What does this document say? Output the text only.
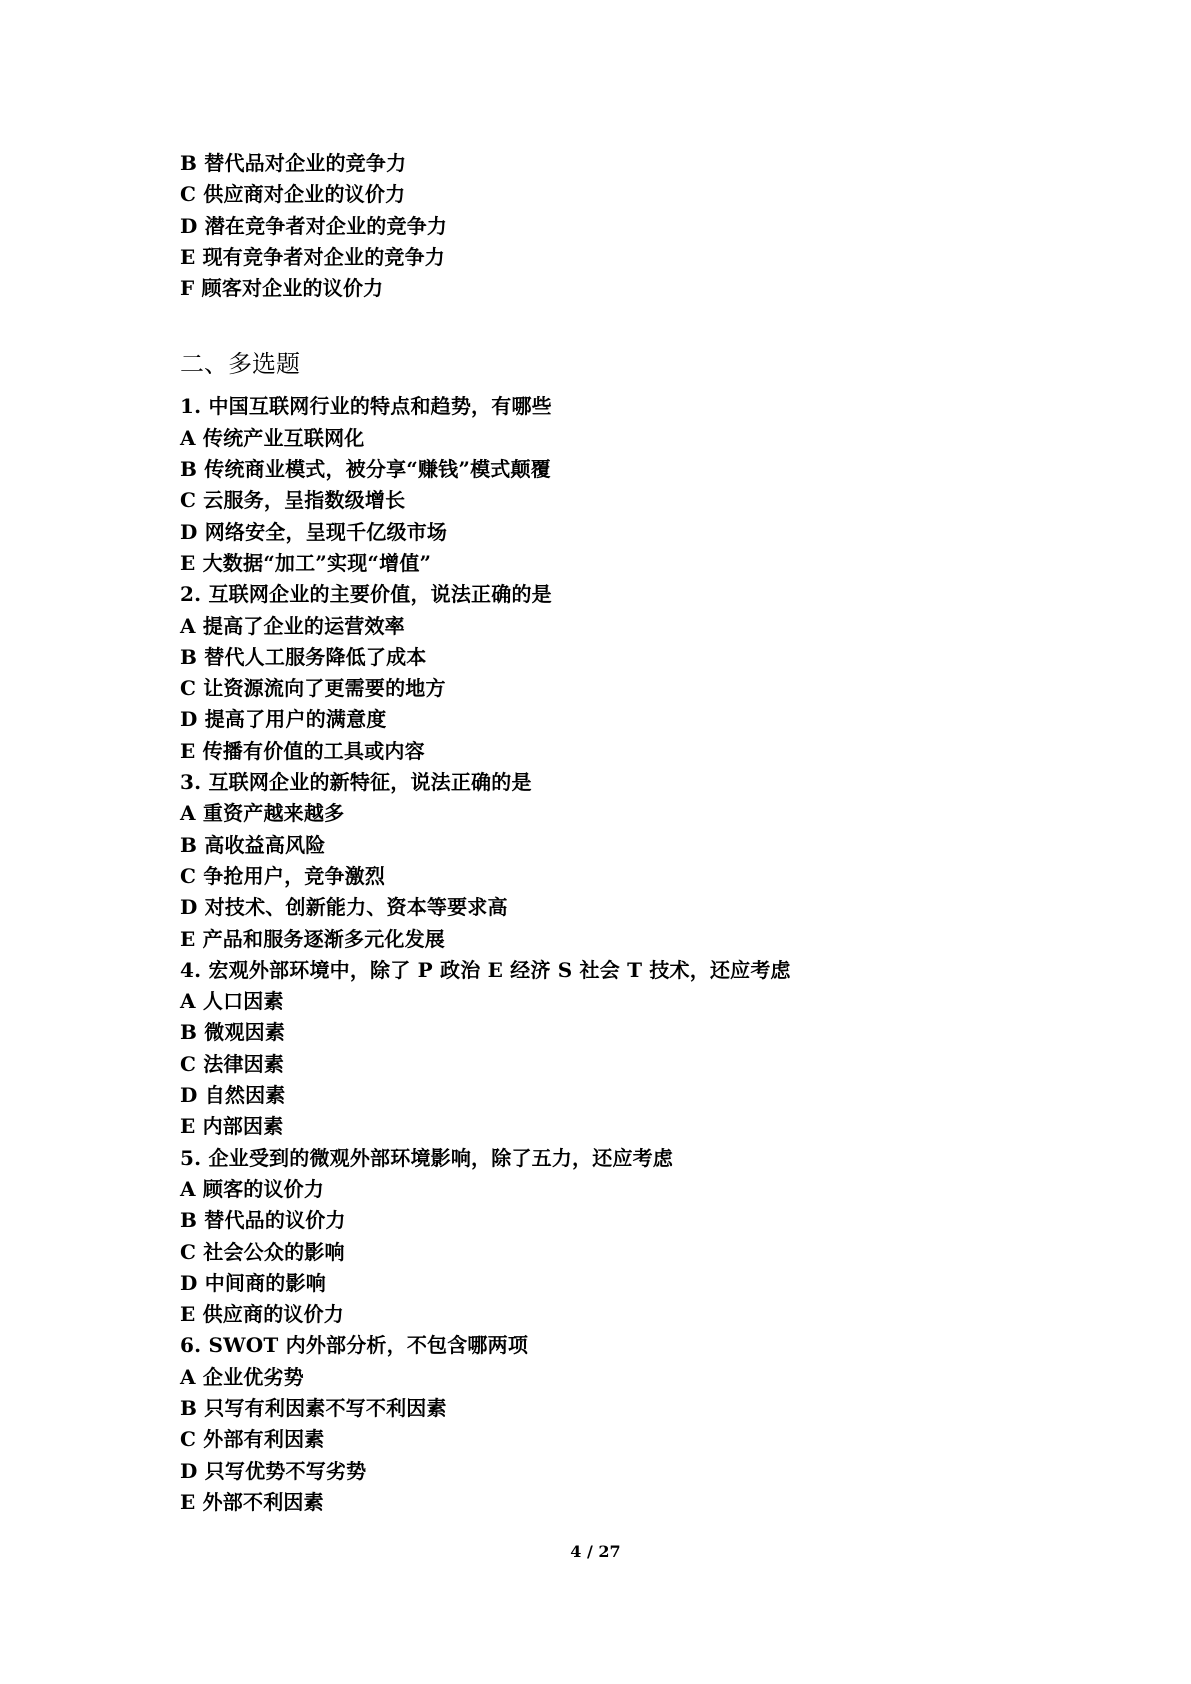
B 替代品对企业的竞争力
C 供应商对企业的议价力
D 潜在竞争者对企业的竞争力
E 现有竞争者对企业的竞争力
F 顾客对企业的议价力
二、多选题
1. 中国互联网行业的特点和趋势，有哪些
A 传统产业互联网化
B 传统商业模式，被分享“赚钱”模式颠覆
C 云服务，呈指数级增长
D 网络安全，呈现千亿级市场
E 大数据“加工”实现“增值”
2. 互联网企业的主要价值，说法正确的是
A 提高了企业的运营效率
B 替代人工服务降低了成本
C 让资源流向了更需要的地方
D 提高了用户的满意度
E 传播有价值的工具或内容
3. 互联网企业的新特征，说法正确的是
A 重资产越来越多
B 高收益高风险
C 争抢用户，竞争激烈
D 对技术、创新能力、资本等要求高
E 产品和服务逐渐多元化发展
4. 宏观外部环境中，除了 P 政治 E 经济 S 社会 T 技术，还应考虑
A 人口因素
B 微观因素
C 法律因素
D 自然因素
E 内部因素
5. 企业受到的微观外部环境影响，除了五力，还应考虑
A 顾客的议价力
B 替代品的议价力
C 社会公众的影响
D 中间商的影响
E 供应商的议价力
6. SWOT 内外部分析，不包含哪两项
A 企业优劣势
B 只写有利因素不写不利因素
C 外部有利因素
D 只写优势不写劣势
E 外部不利因素
4 / 27
